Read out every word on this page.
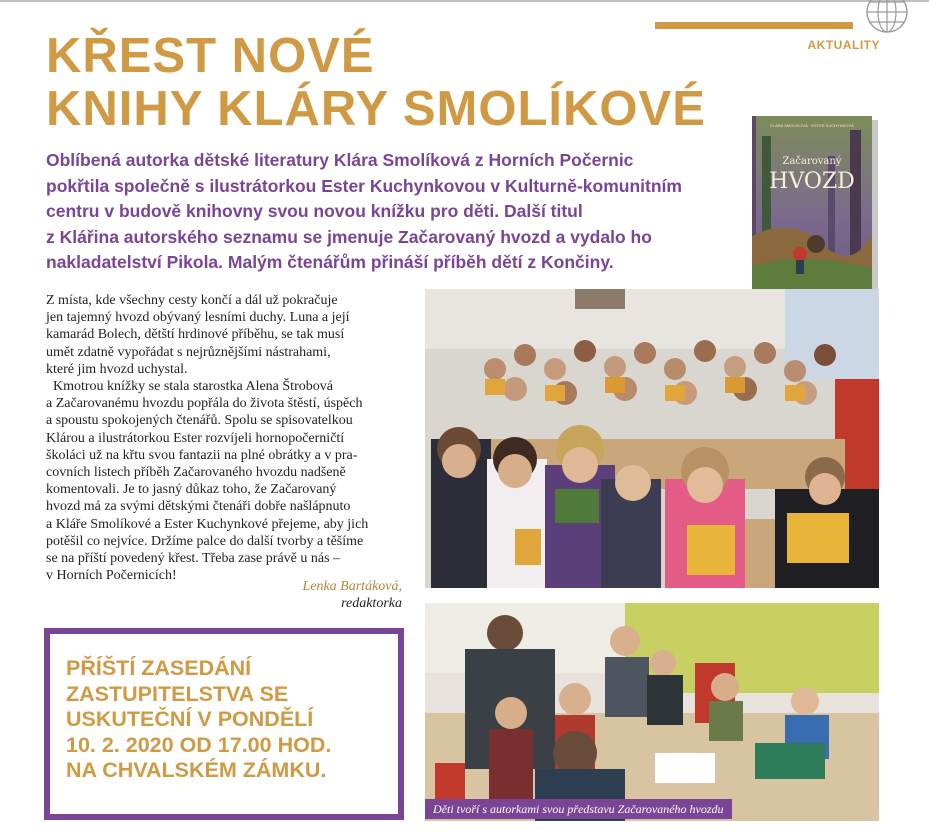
AKTUALITY
KŘEST NOVÉ
KNIHY KLÁRY SMOLÍKOVÉ
Oblíbená autorka dětské literatury Klára Smolíková z Horních Počernic
pokřtila společně s ilustrátorkou Ester Kuchynkovou v Kulturně-komunitním
centru v budově knihovny svou novou knížku pro děti. Další titul
z Klářina autorského seznamu se jmenuje Začarovaný hvozd a vydalo ho
nakladatelství Pikola. Malým čtenářům přináší příběh dětí z Končiny.
KLÁRA SMOLÍKOVÁ · ESTER KUCHYNKOVÁ
Začarovaný
HVOZD
Z místa, kde všechny cesty končí a dál už pokračuje
jen tajemný hvozd obývaný lesními duchy. Luna a její
kamarád Bolech, dětští hrdinové příběhu, se tak musí
umět zdatně vypořádat s nejrůznějšími nástrahami,
které jim hvozd uchystal.
Kmotrou knížky se stala starostka Alena Štrobová
a Začarovanému hvozdu popřála do života štěstí, úspěch
a spoustu spokojených čtenářů. Spolu se spisovatelkou
Klárou a ilustrátorkou Ester rozvíjeli hornopočerničtí
školáci už na křtu svou fantazii na plné obrátky a v pra-
covních listech příběh Začarovaného hvozdu nadšeně
komentovali. Je to jasný důkaz toho, že Začarovaný
hvozd má za svými dětskými čtenáři dobře našlápnuto
a Kláře Smolíkové a Ester Kuchynkové přejeme, aby jich
potěšil co nejvíce. Držíme palce do další tvorby a těšíme
se na příští povedený křest. Třeba zase právě u nás –
v Horních Počernicích!
Lenka Bartáková,
redaktorka
PŘÍŠTÍ ZASEDÁNÍ
ZASTUPITELSTVA SE
USKUTEČNÍ V PONDĚLÍ
10. 2. 2020 OD 17.00 HOD.
NA CHVALSKÉM ZÁMKU.
Děti tvoří s autorkami svou představu Začarovaného hvozdu
